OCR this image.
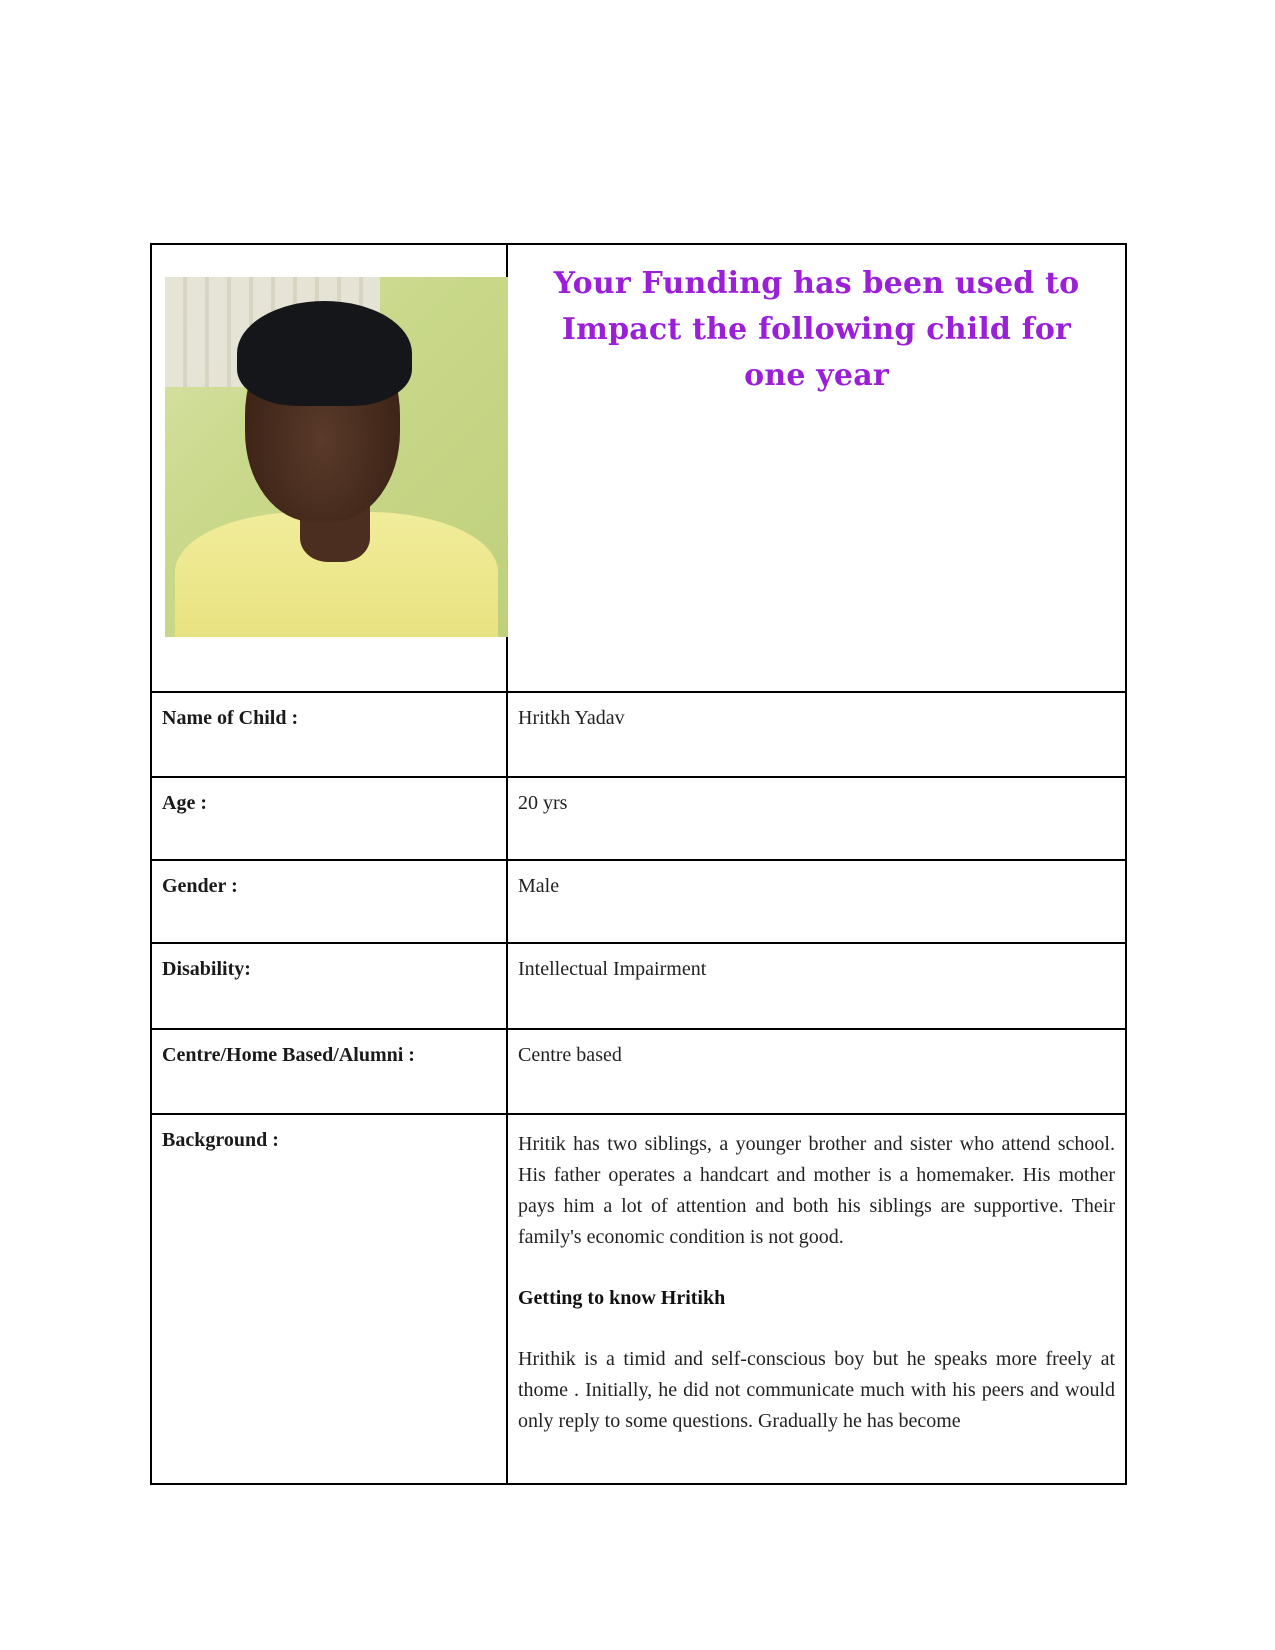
Your Funding has been used to Impact the following child for one year
Name of Child :	Hritkh Yadav
Age :	20 yrs
Gender :	Male
Disability:	Intellectual Impairment
Centre/Home Based/Alumni :	Centre based
Background :	Hritik has two siblings, a younger brother and sister who attend school. His father operates a handcart and mother is a homemaker. His mother pays him a lot of attention and both his siblings are supportive. Their family's economic condition is not good.

Getting to know Hritikh

Hrithik is a timid and self-conscious boy but he speaks more freely at thome . Initially, he did not communicate much with his peers and would only reply to some questions. Gradually he has become
